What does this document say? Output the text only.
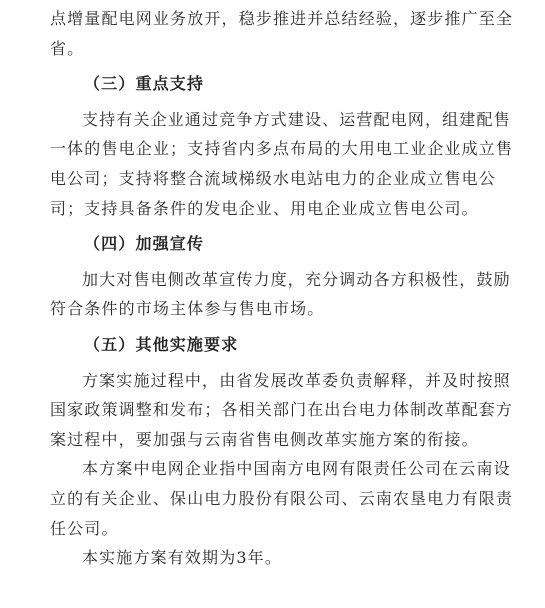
点增量配电网业务放开，稳步推进并总结经验，逐步推广至全省。

（三）重点支持

支持有关企业通过竞争方式建设、运营配电网，组建配售一体的售电企业；支持省内多点布局的大用电工业企业成立售电公司；支持将整合流域梯级水电站电力的企业成立售电公司；支持具备条件的发电企业、用电企业成立售电公司。

（四）加强宣传

加大对售电侧改革宣传力度，充分调动各方积极性，鼓励符合条件的市场主体参与售电市场。

（五）其他实施要求

方案实施过程中，由省发展改革委负责解释，并及时按照国家政策调整和发布；各相关部门在出台电力体制改革配套方案过程中，要加强与云南省售电侧改革实施方案的衔接。

本方案中电网企业指中国南方电网有限责任公司在云南设立的有关企业、保山电力股份有限公司、云南农垦电力有限责任公司。

本实施方案有效期为3年。
